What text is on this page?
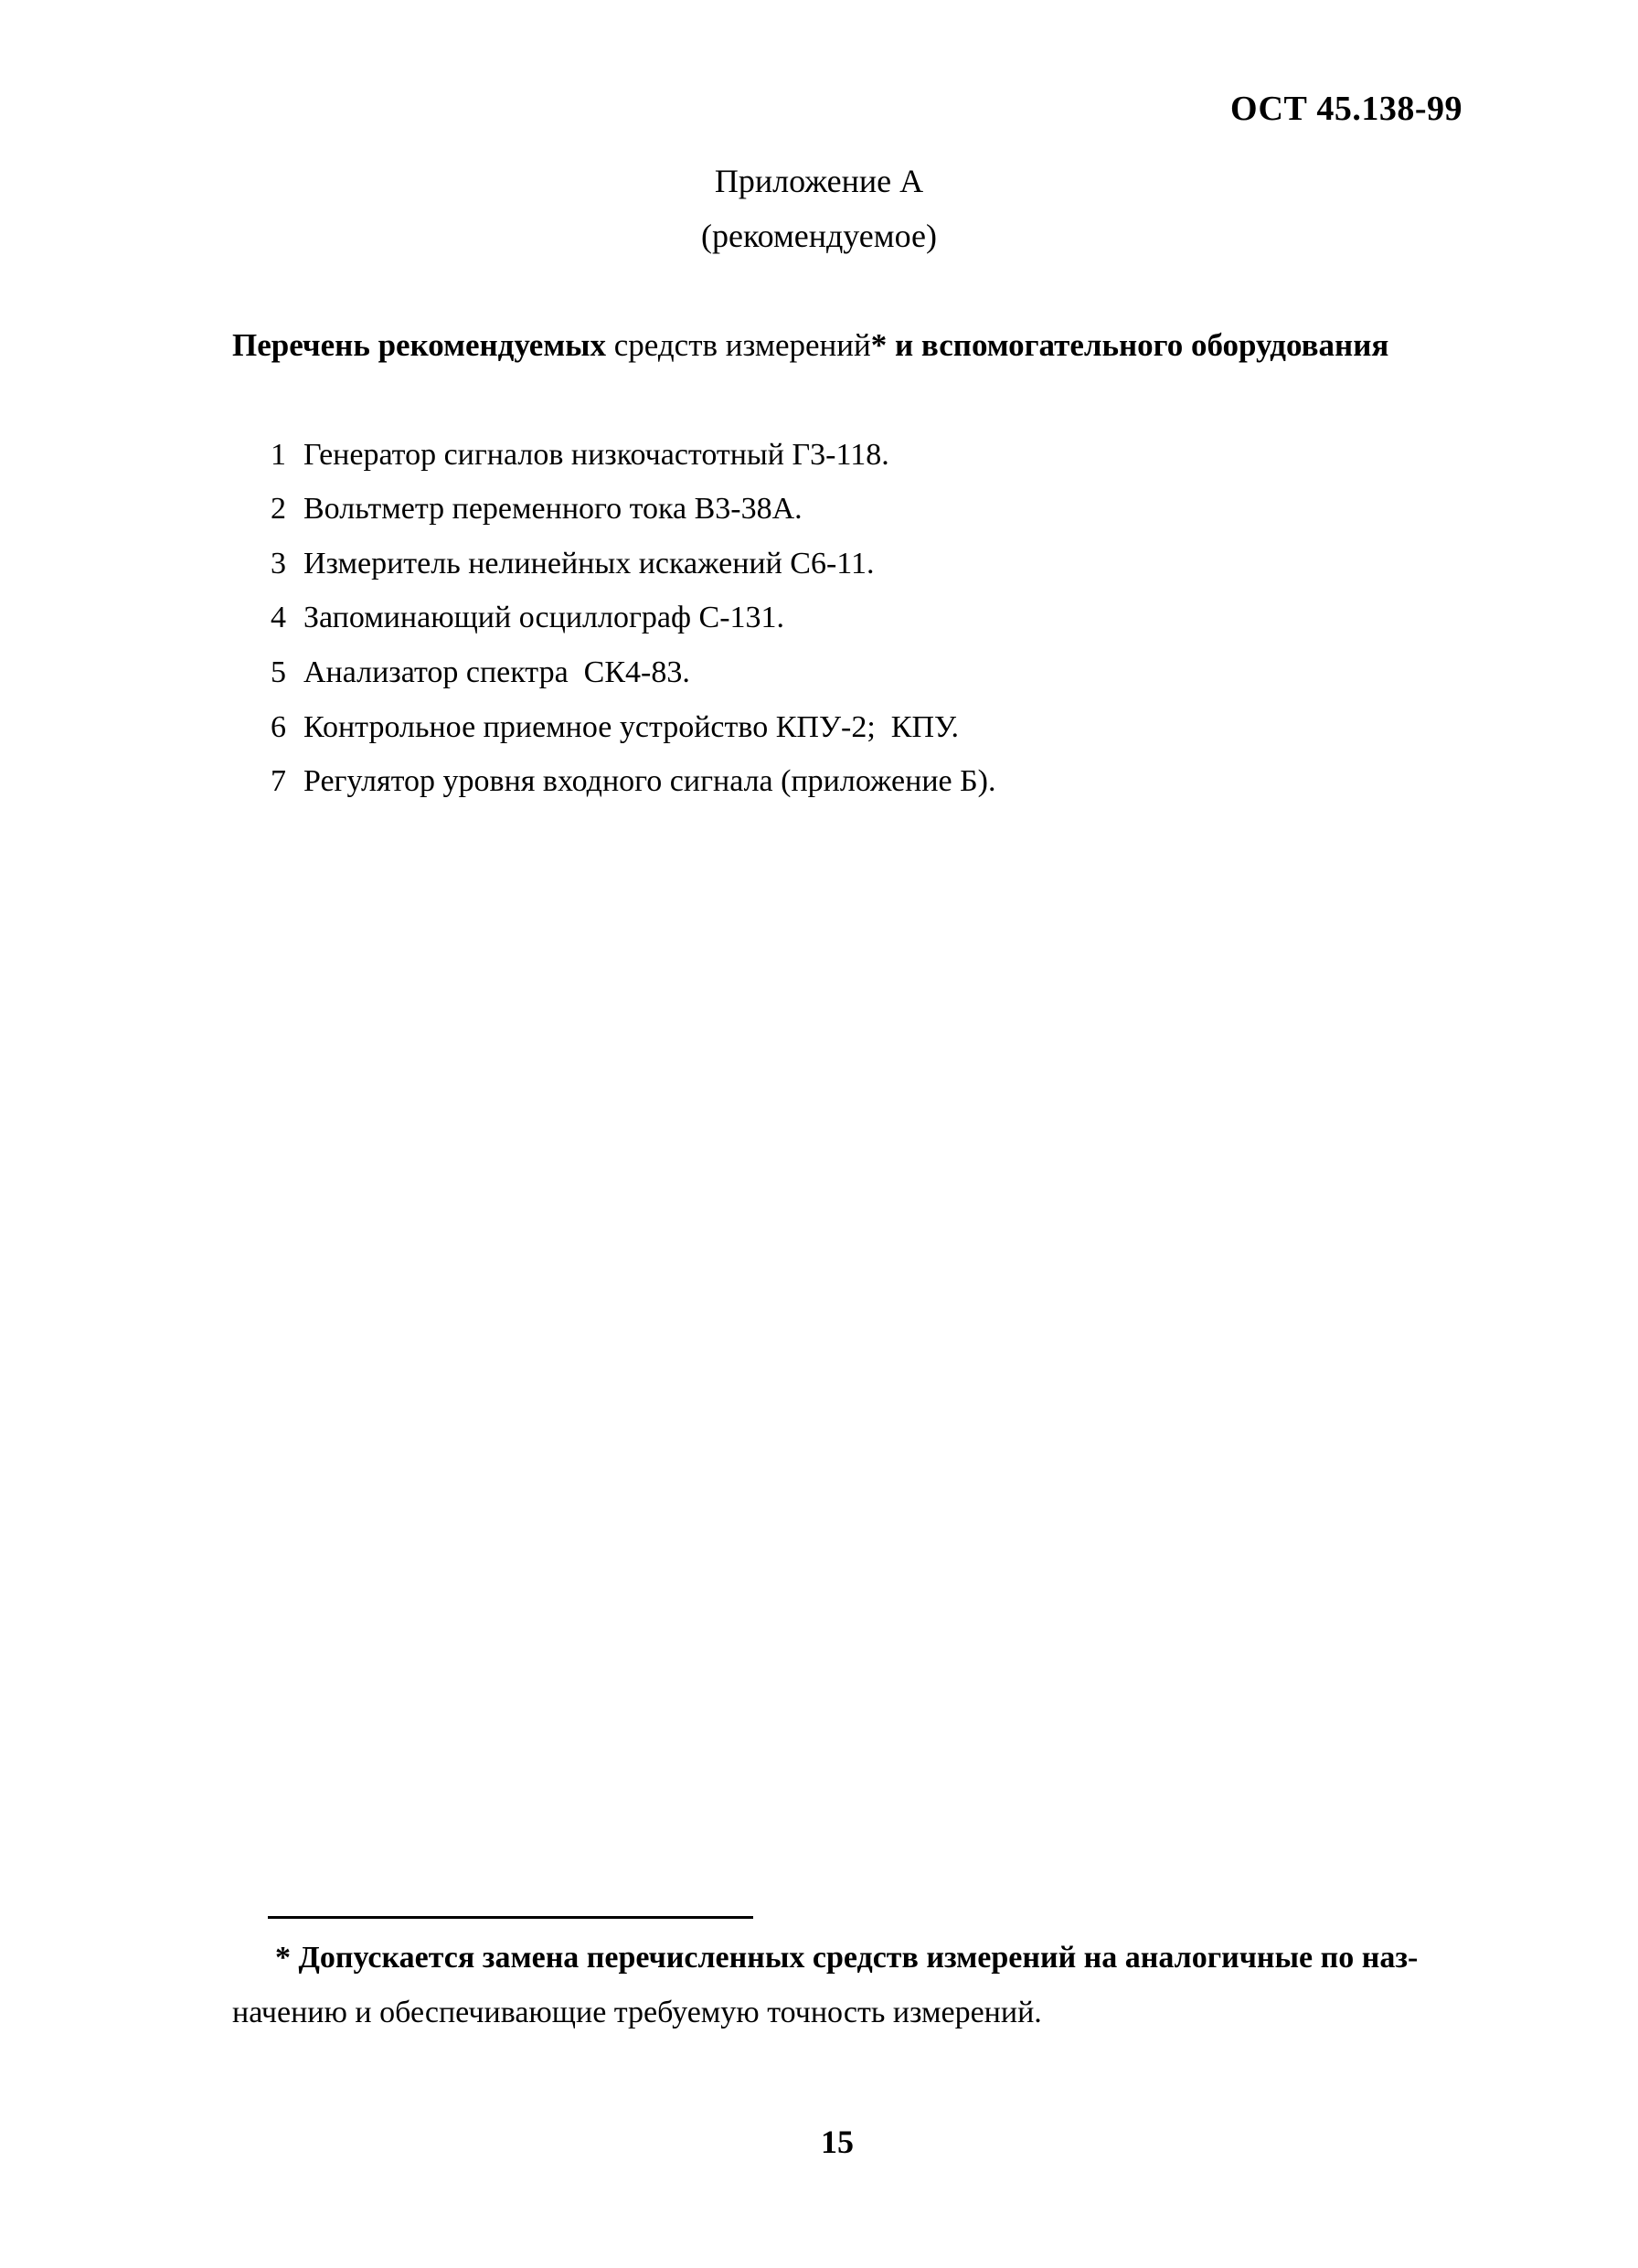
ОСТ 45.138-99
Приложение А
(рекомендуемое)
Перечень рекомендуемых средств измерений* и вспомогательного оборудования
1 Генератор сигналов низкочастотный Г3-118.
2 Вольтметр переменного тока В3-38А.
3 Измеритель нелинейных искажений С6-11.
4 Запоминающий осциллограф С-131.
5 Анализатор спектра  СК4-83.
6 Контрольное приемное устройство КПУ-2;  КПУ.
7 Регулятор уровня входного сигнала (приложение Б).
* Допускается замена перечисленных средств измерений на аналогичные по наз-
начению и обеспечивающие требуемую точность измерений.
15
